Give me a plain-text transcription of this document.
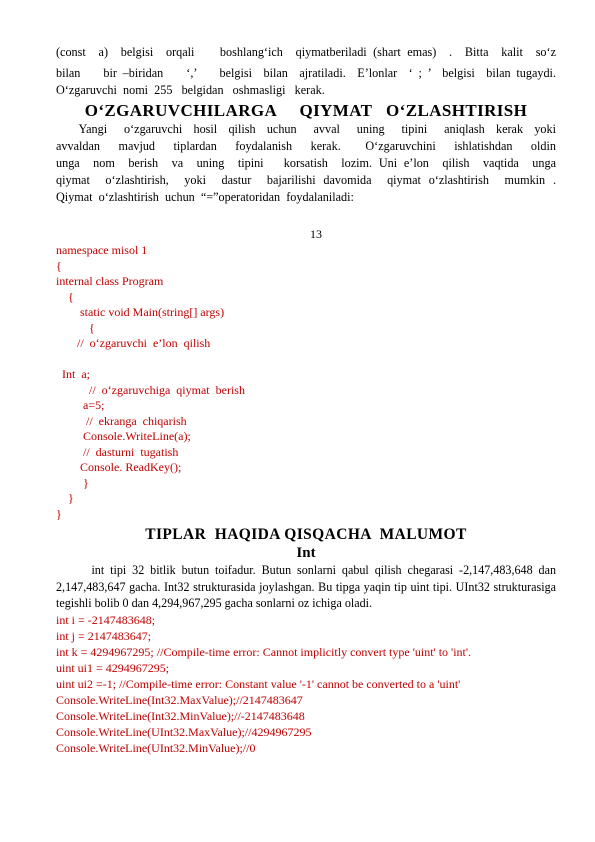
(const  a)  belgisi  orqali    boshlang‘ich  qiymatberiladi (shart emas)  .  Bitta  kalit  so‘z

bilan    bir –biridan    ‘,’    belgisi  bilan  ajratiladi.  E’lonlar  ‘ ; ’  belgisi  bilan tugaydi.

O‘zgaruvchi  nomi  255   belgidan   oshmasligi   kerak.

O‘ZGARUVCHILARGA     QIYMAT   O‘ZLASHTIRISH

Yangi   o‘zgaruvchi  hosil  qilish  uchun   avval   uning   tipini   aniqlash  kerak  yoki

avvaldan   mavjud   tiplardan   foydalanish   kerak.    O‘zgaruvchini   ishlatishdan   oldin

unga  nom  berish  va  uning  tipini   korsatish  lozim. Uni e’lon  qilish  vaqtida  unga

qiymat  o‘zlashtirish,  yoki  dastur  bajarilishi davomida  qiymat o‘zlashtirish  mumkin .

Qiymat  o‘zlashtirish  uchun  “=”operatoridan  foydalaniladi:

13
namespace misol 1
{
internal class Program
{
static void Main(string[] args)
{
//  o‘zgaruvchi  e’lon  qilish
Int  a;
//  o‘zgaruvchiga  qiymat  berish
a=5;
//  ekranga  chiqarish
Console.WriteLine(a);
//  dasturni  tugatish
Console. ReadKey();
}
}
}
TIPLAR  HAQIDA QISQACHA  MALUMOT
Int

int tipi 32 bitlik butun toifadur. Butun sonlarni qabul qilish chegarasi -2,147,483,648 dan 2,147,483,647 gacha. Int32 strukturasida joylashgan. Bu tipga yaqin tip uint tipi. UInt32 strukturasiga tegishli bolib 0 dan 4,294,967,295 gacha sonlarni oz ichiga oladi.

int i = -2147483648;
int j = 2147483647;
int k = 4294967295; //Compile-time error: Cannot implicitly convert type 'uint' to 'int'.
uint ui1 = 4294967295;
uint ui2 =-1; //Compile-time error: Constant value '-1' cannot be converted to a 'uint'
Console.WriteLine(Int32.MaxValue);//2147483647
Console.WriteLine(Int32.MinValue);//-2147483648
Console.WriteLine(UInt32.MaxValue);//4294967295
Console.WriteLine(UInt32.MinValue);//0
